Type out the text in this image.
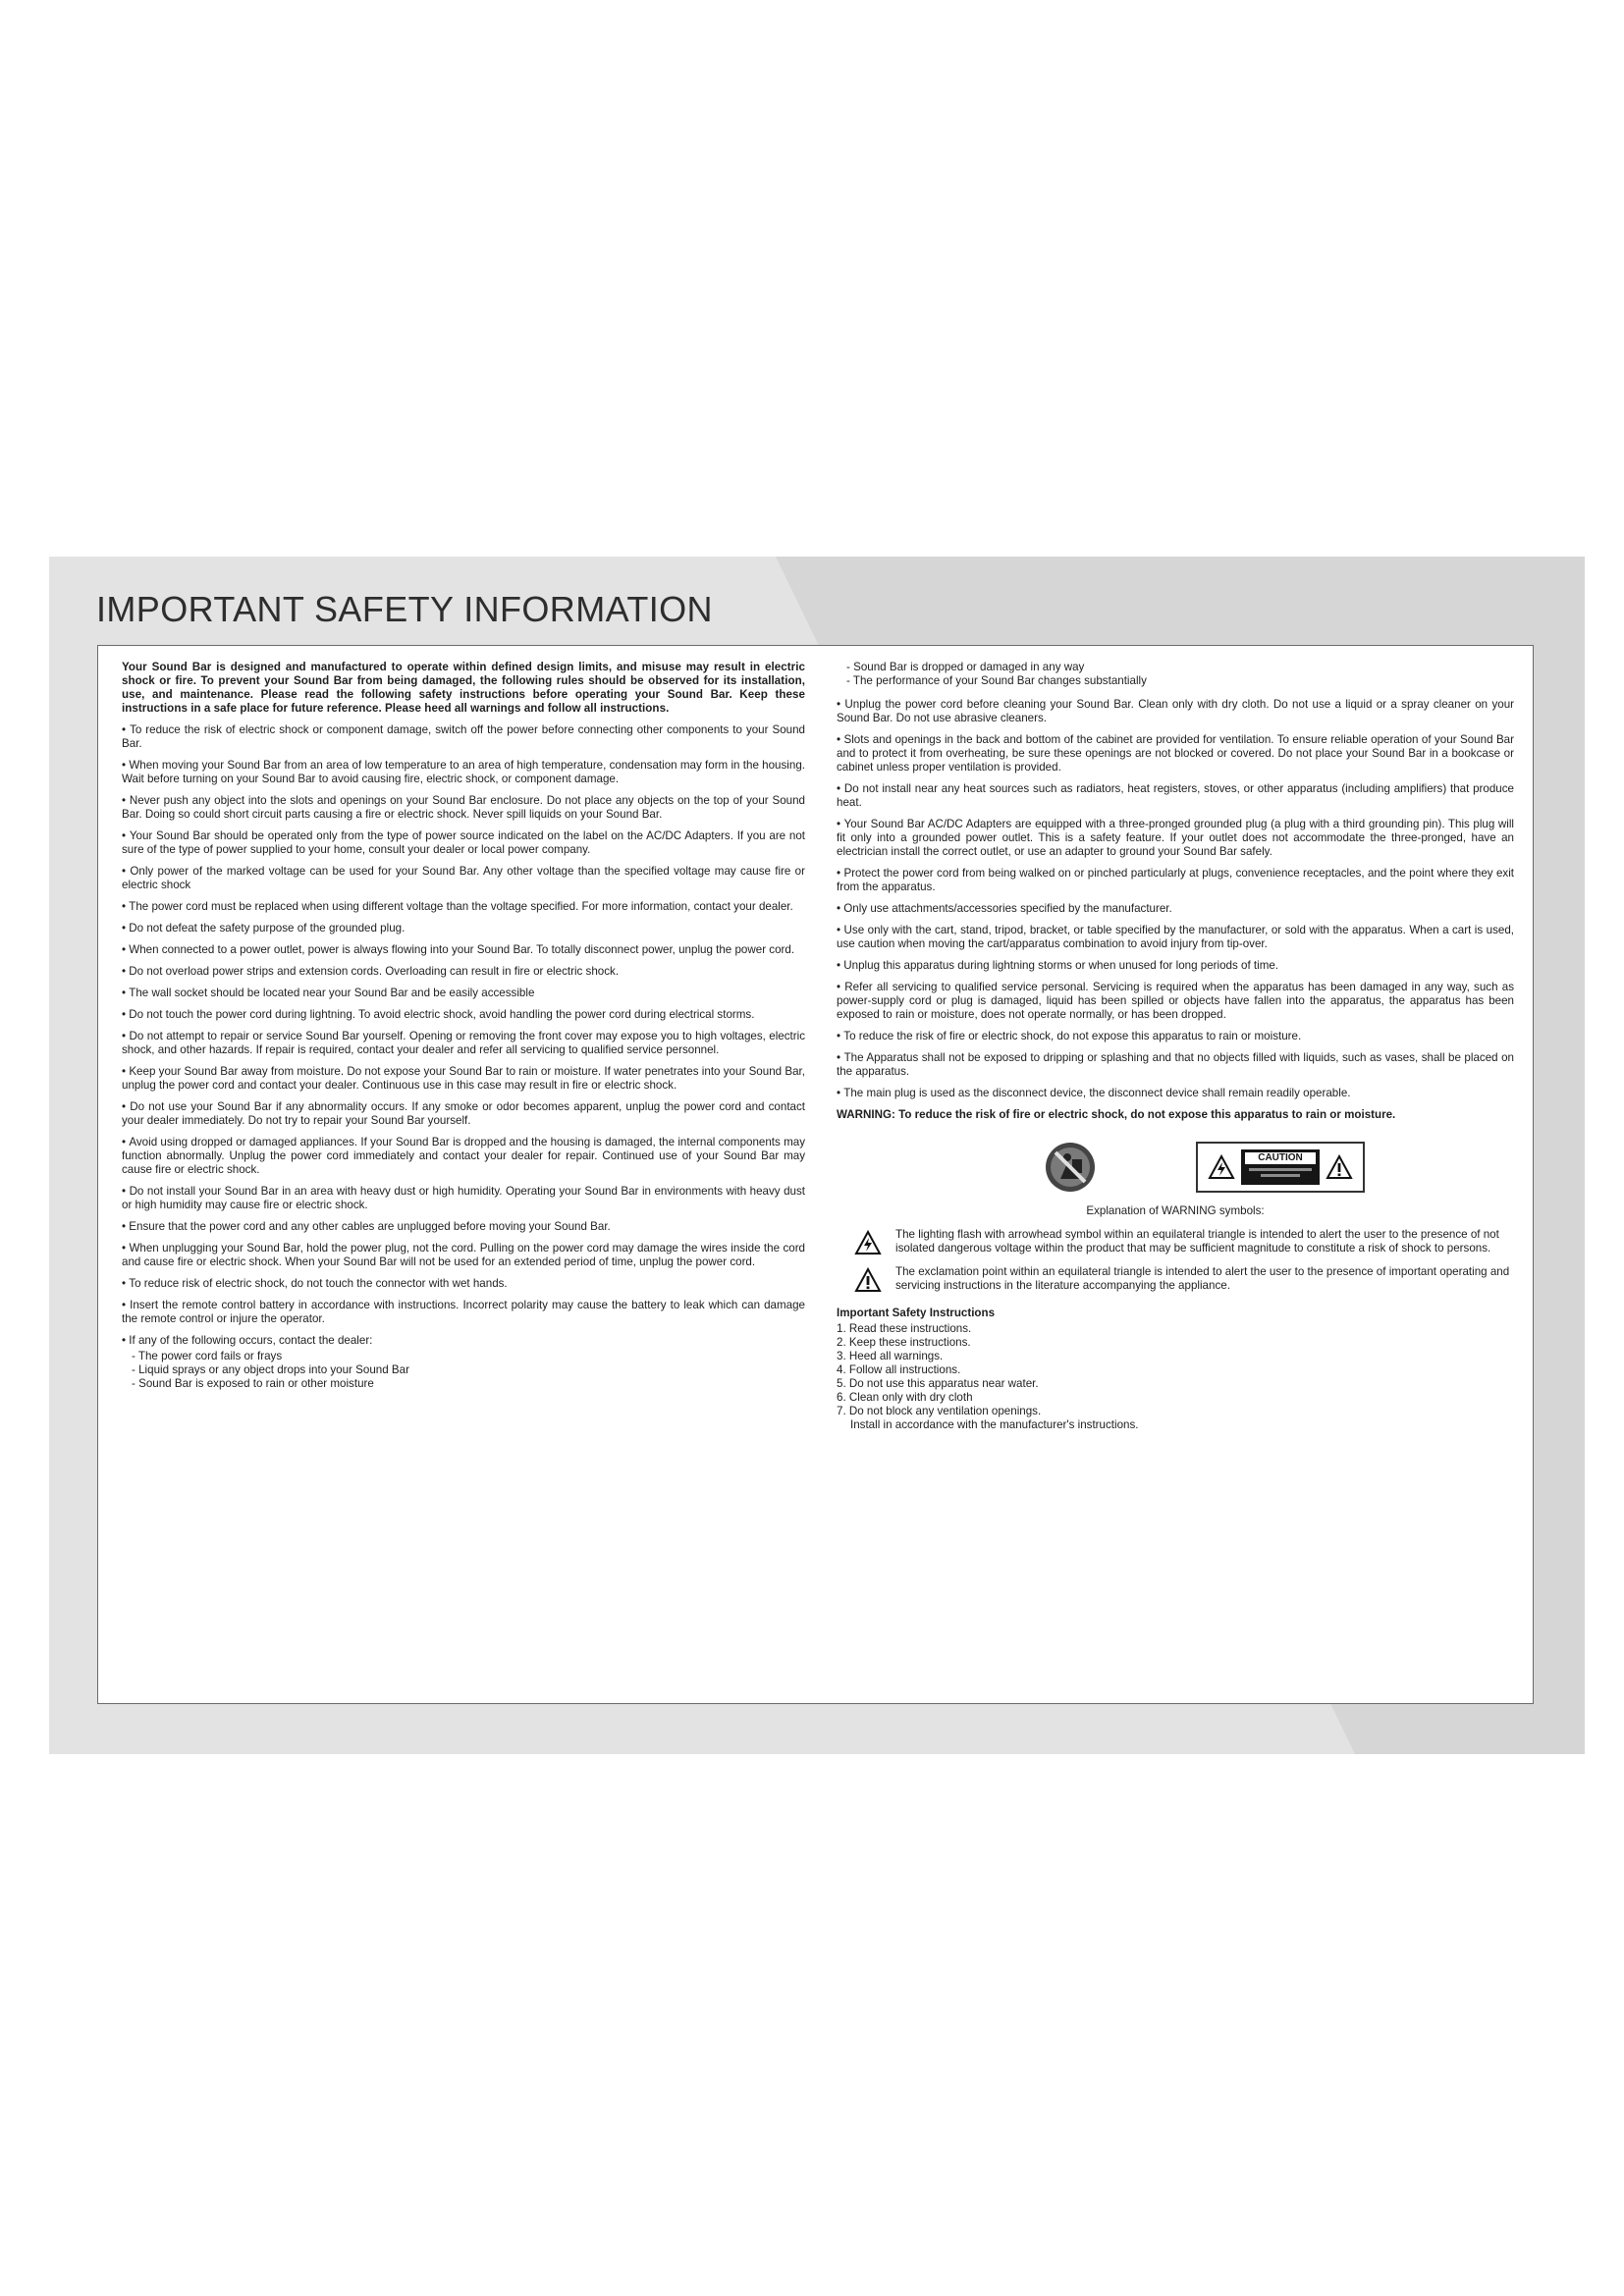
IMPORTANT SAFETY INFORMATION

Your Sound Bar is designed and manufactured to operate within defined design limits, and misuse may result in electric shock or fire. To prevent your Sound Bar from being damaged, the following rules should be observed for its installation, use, and maintenance. Please read the following safety instructions before operating your Sound Bar. Keep these instructions in a safe place for future reference. Please heed all warnings and follow all instructions.

• To reduce the risk of electric shock or component damage, switch off the power before connecting other components to your Sound Bar.

• When moving your Sound Bar from an area of low temperature to an area of high temperature, condensation may form in the housing. Wait before turning on your Sound Bar to avoid causing fire, electric shock, or component damage.

• Never push any object into the slots and openings on your Sound Bar enclosure. Do not place any objects on the top of your Sound Bar. Doing so could short circuit parts causing a fire or electric shock. Never spill liquids on your Sound Bar.

• Your Sound Bar should be operated only from the type of power source indicated on the label on the AC/DC Adapters. If you are not sure of the type of power supplied to your home, consult your dealer or local power company.

• Only power of the marked voltage can be used for your Sound Bar. Any other voltage than the specified voltage may cause fire or electric shock

• The power cord must be replaced when using different voltage than the voltage specified. For more information, contact your dealer.

• Do not defeat the safety purpose of the grounded plug.

• When connected to a power outlet, power is always flowing into your Sound Bar. To totally disconnect power, unplug the power cord.

• Do not overload power strips and extension cords. Overloading can result in fire or electric shock.

• The wall socket should be located near your Sound Bar and be easily accessible

• Do not touch the power cord during lightning. To avoid electric shock, avoid handling the power cord during electrical storms.

• Do not attempt to repair or service Sound Bar yourself. Opening or removing the front cover may expose you to high voltages, electric shock, and other hazards. If repair is required, contact your dealer and refer all servicing to qualified service personnel.

• Keep your Sound Bar away from moisture. Do not expose your Sound Bar to rain or moisture. If water penetrates into your Sound Bar, unplug the power cord and contact your dealer. Continuous use in this case may result in fire or electric shock.

• Do not use your Sound Bar if any abnormality occurs. If any smoke or odor becomes apparent, unplug the power cord and contact your dealer immediately. Do not try to repair your Sound Bar yourself.

• Avoid using dropped or damaged appliances. If your Sound Bar is dropped and the housing is damaged, the internal components may function abnormally. Unplug the power cord immediately and contact your dealer for repair. Continued use of your Sound Bar may cause fire or electric shock.

• Do not install your Sound Bar in an area with heavy dust or high humidity. Operating your Sound Bar in environments with heavy dust or high humidity may cause fire or electric shock.

• Ensure that the power cord and any other cables are unplugged before moving your Sound Bar.

• When unplugging your Sound Bar, hold the power plug, not the cord. Pulling on the power cord may damage the wires inside the cord and cause fire or electric shock. When your Sound Bar will not be used for an extended period of time, unplug the power cord.

• To reduce risk of electric shock, do not touch the connector with wet hands.

• Insert the remote control battery in accordance with instructions. Incorrect polarity may cause the battery to leak which can damage the remote control or injure the operator.

• If any of the following occurs, contact the dealer:

- The power cord fails or frays
- Liquid sprays or any object drops into your Sound Bar
- Sound Bar is exposed to rain or other moisture
- Sound Bar is dropped or damaged in any way
- The performance of your Sound Bar changes substantially

• Unplug the power cord before cleaning your Sound Bar. Clean only with dry cloth. Do not use a liquid or a spray cleaner on your Sound Bar. Do not use abrasive cleaners.

• Slots and openings in the back and bottom of the cabinet are provided for ventilation. To ensure reliable operation of your Sound Bar and to protect it from overheating, be sure these openings are not blocked or covered. Do not place your Sound Bar in a bookcase or cabinet unless proper ventilation is provided.

• Do not install near any heat sources such as radiators, heat registers, stoves, or other apparatus (including amplifiers) that produce heat.

• Your Sound Bar AC/DC Adapters are equipped with a three-pronged grounded plug (a plug with a third grounding pin). This plug will fit only into a grounded power outlet. This is a safety feature. If your outlet does not accommodate the three-pronged, have an electrician install the correct outlet, or use an adapter to ground your Sound Bar safely.

• Protect the power cord from being walked on or pinched particularly at plugs, convenience receptacles, and the point where they exit from the apparatus.

• Only use attachments/accessories specified by the manufacturer.

• Use only with the cart, stand, tripod, bracket, or table specified by the manufacturer, or sold with the apparatus. When a cart is used, use caution when moving the cart/apparatus combination to avoid injury from tip-over.

• Unplug this apparatus during lightning storms or when unused for long periods of time.

• Refer all servicing to qualified service personal. Servicing is required when the apparatus has been damaged in any way, such as power-supply cord or plug is damaged, liquid has been spilled or objects have fallen into the apparatus, the apparatus has been exposed to rain or moisture, does not operate normally, or has been dropped.

• To reduce the risk of fire or electric shock, do not expose this apparatus to rain or moisture.

• The Apparatus shall not be exposed to dripping or splashing and that no objects filled with liquids, such as vases, shall be placed on the apparatus.

• The main plug is used as the disconnect device, the disconnect device shall remain readily operable.

WARNING: To reduce the risk of fire or electric shock, do not expose this apparatus to rain or moisture.

CAUTION

Explanation of WARNING symbols:

The lighting flash with arrowhead symbol within an equilateral triangle is intended to alert the user to the presence of not isolated dangerous voltage within the product that may be sufficient magnitude to constitute a risk of shock to persons.
The exclamation point within an equilateral triangle is intended to alert the user to the presence of important operating and servicing instructions in the literature accompanying the appliance.

Important Safety Instructions

1. Read these instructions.
2. Keep these instructions.
3. Heed all warnings.
4. Follow all instructions.
5. Do not use this apparatus near water.
6. Clean only with dry cloth
7. Do not block any ventilation openings.
Install in accordance with the manufacturer's instructions.
